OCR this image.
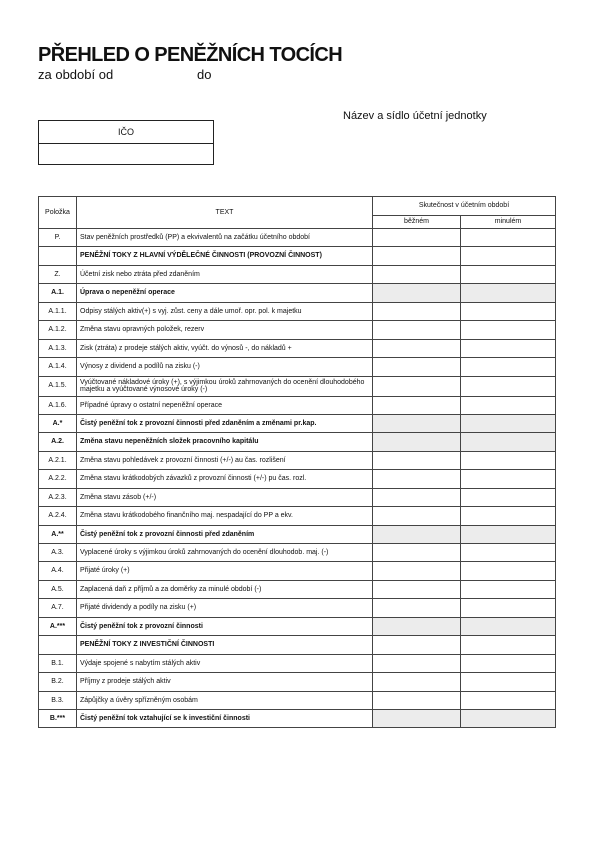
PŘEHLED O PENĚŽNÍCH TOCÍCH
za období od	do
Název a sídlo účetní jednotky
IČO
Položka	TEXT	Skutečnost v účetním období	
		běžném	minulém
P.	Stav peněžních prostředků (PP) a ekvivalentů na začátku účetního období		
	PENĚŽNÍ TOKY Z HLAVNÍ VÝDĚLEČNÉ ČINNOSTI (PROVOZNÍ ČINNOST)		
Z.	Účetní zisk nebo ztráta před zdaněním		
A.1.	Úprava o nepeněžní operace		
A.1.1.	Odpisy stálých aktiv(+) s vyj. zůst. ceny a dále umoř. opr. pol. k majetku		
A.1.2.	Změna stavu opravných položek, rezerv		
A.1.3.	Zisk (ztráta) z prodeje stálých aktiv, vyúčt. do výnosů -, do nákladů +		
A.1.4.	Výnosy z dividend a podílů na zisku (-)		
A.1.5.	Vyúčtované nákladové úroky (+), s výjimkou úroků zahrnovaných do ocenění dlouhodobého majetku a vyúčtované výnosové úroky (-)		
A.1.6.	Případné úpravy o ostatní nepeněžní operace		
A.*	Čistý peněžní tok z provozní činnosti před zdaněním a změnami pr.kap.		
A.2.	Změna stavu nepeněžních složek pracovního kapitálu		
A.2.1.	Změna stavu pohledávek z provozní činnosti (+/-) au čas. rozlišení		
A.2.2.	Změna stavu krátkodobých závazků z provozní činnosti (+/-) pu čas. rozl.		
A.2.3.	Změna stavu zásob (+/-)		
A.2.4.	Změna stavu krátkodobého finančního maj. nespadající do PP a ekv.		
A.**	Čistý peněžní tok z provozní činnosti před zdaněním		
A.3.	Vyplacené úroky s výjimkou úroků zahrnovaných do ocenění dlouhodob. maj. (-)		
A.4.	Přijaté úroky (+)		
A.5.	Zaplacená daň z příjmů a za doměrky za minulé období (-)		
A.7.	Přijaté dividendy a podíly na zisku (+)		
A.***	Čistý peněžní tok z provozní činnosti		
	PENĚŽNÍ TOKY Z INVESTIČNÍ ČINNOSTI		
B.1.	Výdaje spojené s nabytím stálých aktiv		
B.2.	Příjmy z prodeje stálých aktiv		
B.3.	Zápůjčky a úvěry spřízněným osobám		
B.***	Čistý peněžní tok vztahující se k investiční činnosti		
